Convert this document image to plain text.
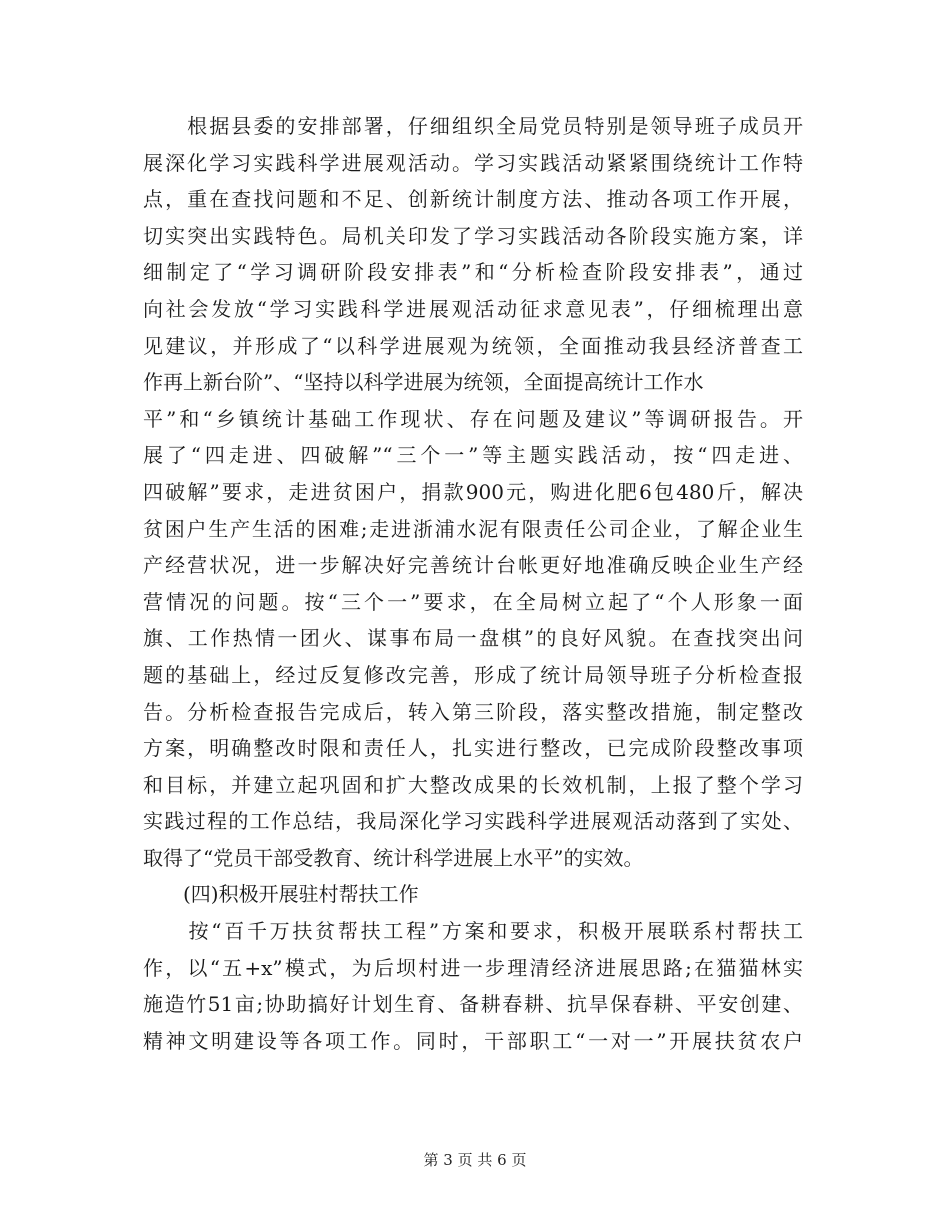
　　根据县委的安排部署，仔细组织全局党员特别是领导班子成员开
展深化学习实践科学进展观活动。学习实践活动紧紧围绕统计工作特
点，重在查找问题和不足、创新统计制度方法、推动各项工作开展，
切实突出实践特色。局机关印发了学习实践活动各阶段实施方案，详
细制定了“学习调研阶段安排表”和“分析检查阶段安排表”，通过
向社会发放“学习实践科学进展观活动征求意见表”，仔细梳理出意
见建议，并形成了“以科学进展观为统领，全面推动我县经济普查工
作再上新台阶”、“坚持以科学进展为统领，全面提高统计工作水
平”和“乡镇统计基础工作现状、存在问题及建议”等调研报告。开
展了“四走进、四破解”“三个一”等主题实践活动，按“四走进、
四破解”要求，走进贫困户，捐款900元，购进化肥6包480斤，解决
贫困户生产生活的困难;走进浙浦水泥有限责任公司企业，了解企业生
产经营状况，进一步解决好完善统计台帐更好地准确反映企业生产经
营情况的问题。按“三个一”要求，在全局树立起了“个人形象一面
旗、工作热情一团火、谋事布局一盘棋”的良好风貌。在查找突出问
题的基础上，经过反复修改完善，形成了统计局领导班子分析检查报
告。分析检查报告完成后，转入第三阶段，落实整改措施，制定整改
方案，明确整改时限和责任人，扎实进行整改，已完成阶段整改事项
和目标，并建立起巩固和扩大整改成果的长效机制，上报了整个学习
实践过程的工作总结，我局深化学习实践科学进展观活动落到了实处、
取得了“党员干部受教育、统计科学进展上水平”的实效。
　　(四)积极开展驻村帮扶工作
　　按“百千万扶贫帮扶工程”方案和要求，积极开展联系村帮扶工
作，以“五+x”模式，为后坝村进一步理清经济进展思路;在猫猫林实
施造竹51亩;协助搞好计划生育、备耕春耕、抗旱保春耕、平安创建、
精神文明建设等各项工作。同时，干部职工“一对一”开展扶贫农户
第 3 页 共 6 页
